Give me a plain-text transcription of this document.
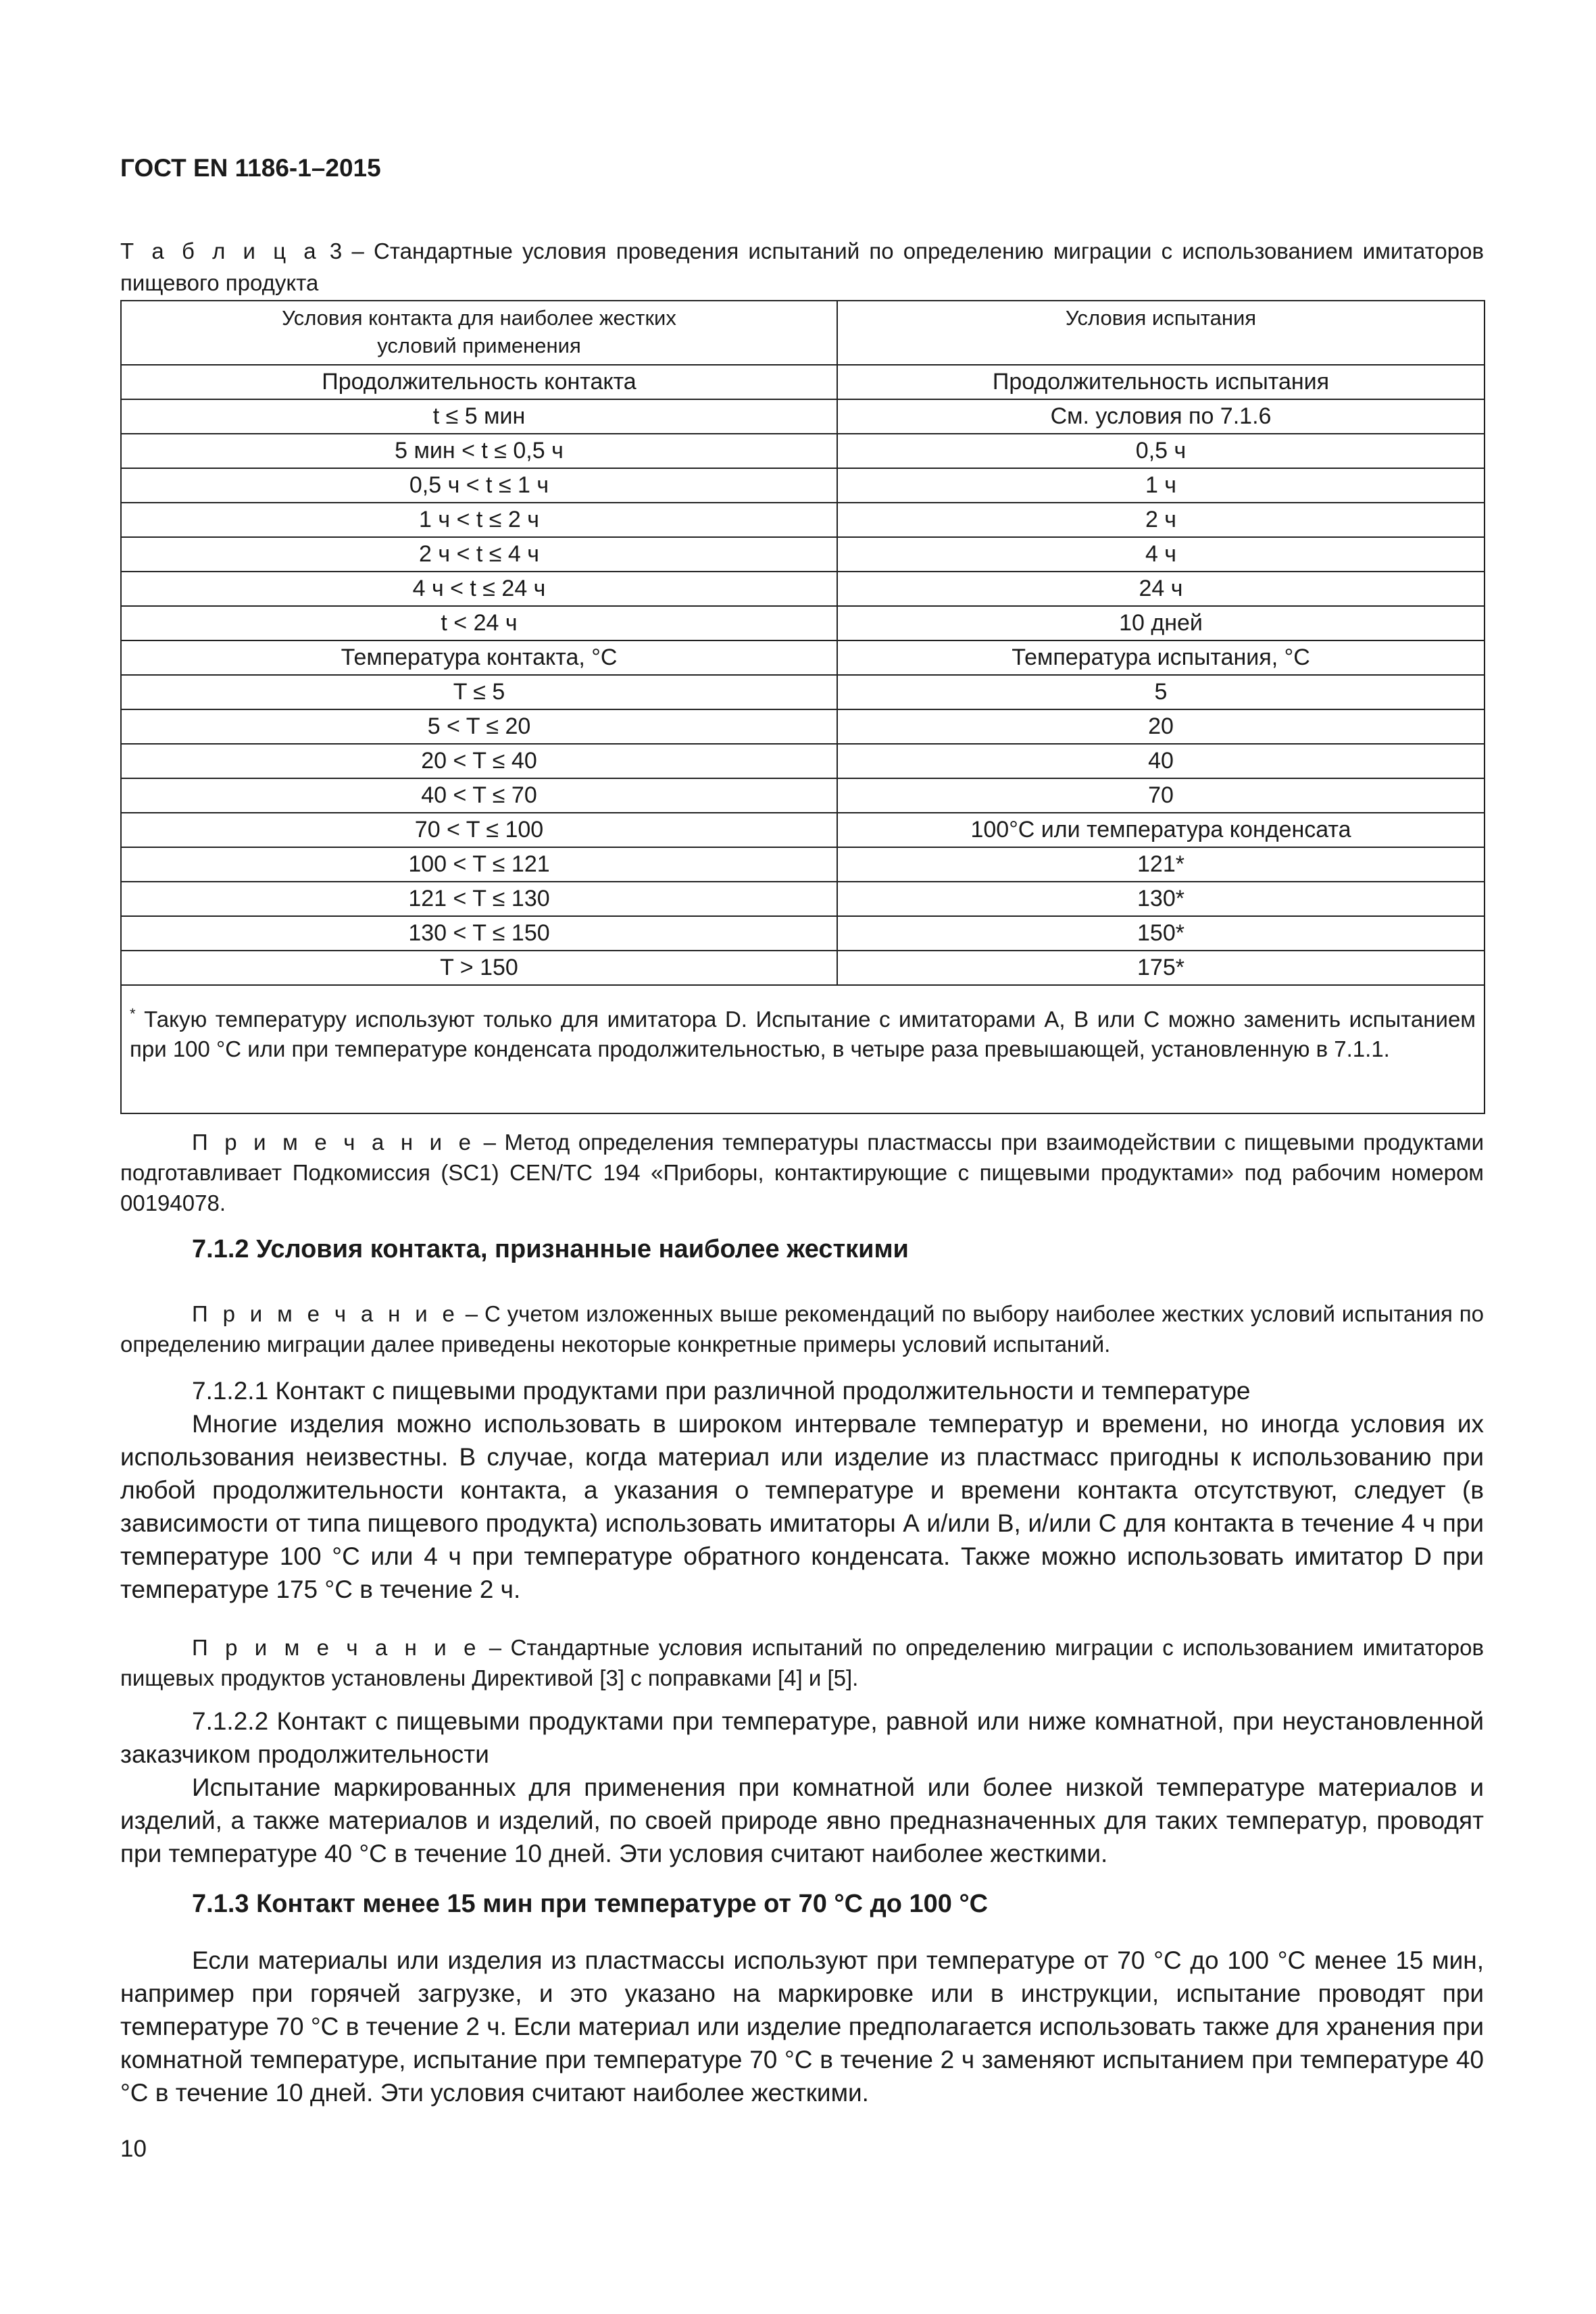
ГОСТ EN 1186-1–2015
Т а б л и ц а 3 – Стандартные условия проведения испытаний по определению миграции с использованием имитаторов пищевого продукта
Условия контакта для наиболее жестких условий применения	Условия испытания
Продолжительность контакта	Продолжительность испытания
t ≤ 5 мин	См. условия по 7.1.6
5 мин < t ≤ 0,5 ч	0,5 ч
0,5 ч < t ≤ 1 ч	1 ч
1 ч < t ≤ 2 ч	2 ч
2 ч < t ≤ 4 ч	4 ч
4 ч < t ≤ 24 ч	24 ч
t < 24 ч	10 дней
Температура контакта, °С	Температура испытания, °С
T ≤ 5	5
5 < T ≤ 20	20
20 < T ≤ 40	40
40 < T ≤ 70	70
70 < T ≤ 100	100°С или температура конденсата
100 < T ≤ 121	121*
121 < T ≤ 130	130*
130 < T ≤ 150	150*
T > 150	175*
* Такую температуру используют только для имитатора D. Испытание с имитаторами А, В или С можно заменить испытанием при 100 °С или при температуре конденсата продолжительностью, в четыре раза превышающей, установленную в 7.1.1.	
П р и м е ч а н и е – Метод определения температуры пластмассы при взаимодействии с пищевыми продуктами подготавливает Подкомиссия (SC1) CEN/TC 194 «Приборы, контактирующие с пищевыми продуктами» под рабочим номером 00194078.
7.1.2 Условия контакта, признанные наиболее жесткими
П р и м е ч а н и е – С учетом изложенных выше рекомендаций по выбору наиболее жестких условий испытания по определению миграции далее приведены некоторые конкретные примеры условий испытаний.
7.1.2.1 Контакт с пищевыми продуктами при различной продолжительности и температуре
Многие изделия можно использовать в широком интервале температур и времени, но иногда условия их использования неизвестны. В случае, когда материал или изделие из пластмасс пригодны к использованию при любой продолжительности контакта, а указания о температуре и времени контакта отсутствуют, следует (в зависимости от типа пищевого продукта) использовать имитаторы А и/или В, и/или С для контакта в течение 4 ч при температуре 100 °С или 4 ч при температуре обратного конденсата. Также можно использовать имитатор D при температуре 175 °С в течение 2 ч.
П р и м е ч а н и е – Стандартные условия испытаний по определению миграции с использованием имитаторов пищевых продуктов установлены Директивой [3] с поправками [4] и [5].
7.1.2.2 Контакт с пищевыми продуктами при температуре, равной или ниже комнатной, при неустановленной заказчиком продолжительности
Испытание маркированных для применения при комнатной или более низкой температуре материалов и изделий, а также материалов и изделий, по своей природе явно предназначенных для таких температур, проводят при температуре 40 °С в течение 10 дней. Эти условия считают наиболее жесткими.
7.1.3 Контакт менее 15 мин при температуре от 70 °С до 100 °С
Если материалы или изделия из пластмассы используют при температуре от 70 °С до 100 °С менее 15 мин, например при горячей загрузке, и это указано на маркировке или в инструкции, испытание проводят при температуре 70 °С в течение 2 ч. Если материал или изделие предполагается использовать также для хранения при комнатной температуре, испытание при температуре 70 °С в течение 2 ч заменяют испытанием при температуре 40 °С в течение 10 дней. Эти условия считают наиболее жесткими.
10
